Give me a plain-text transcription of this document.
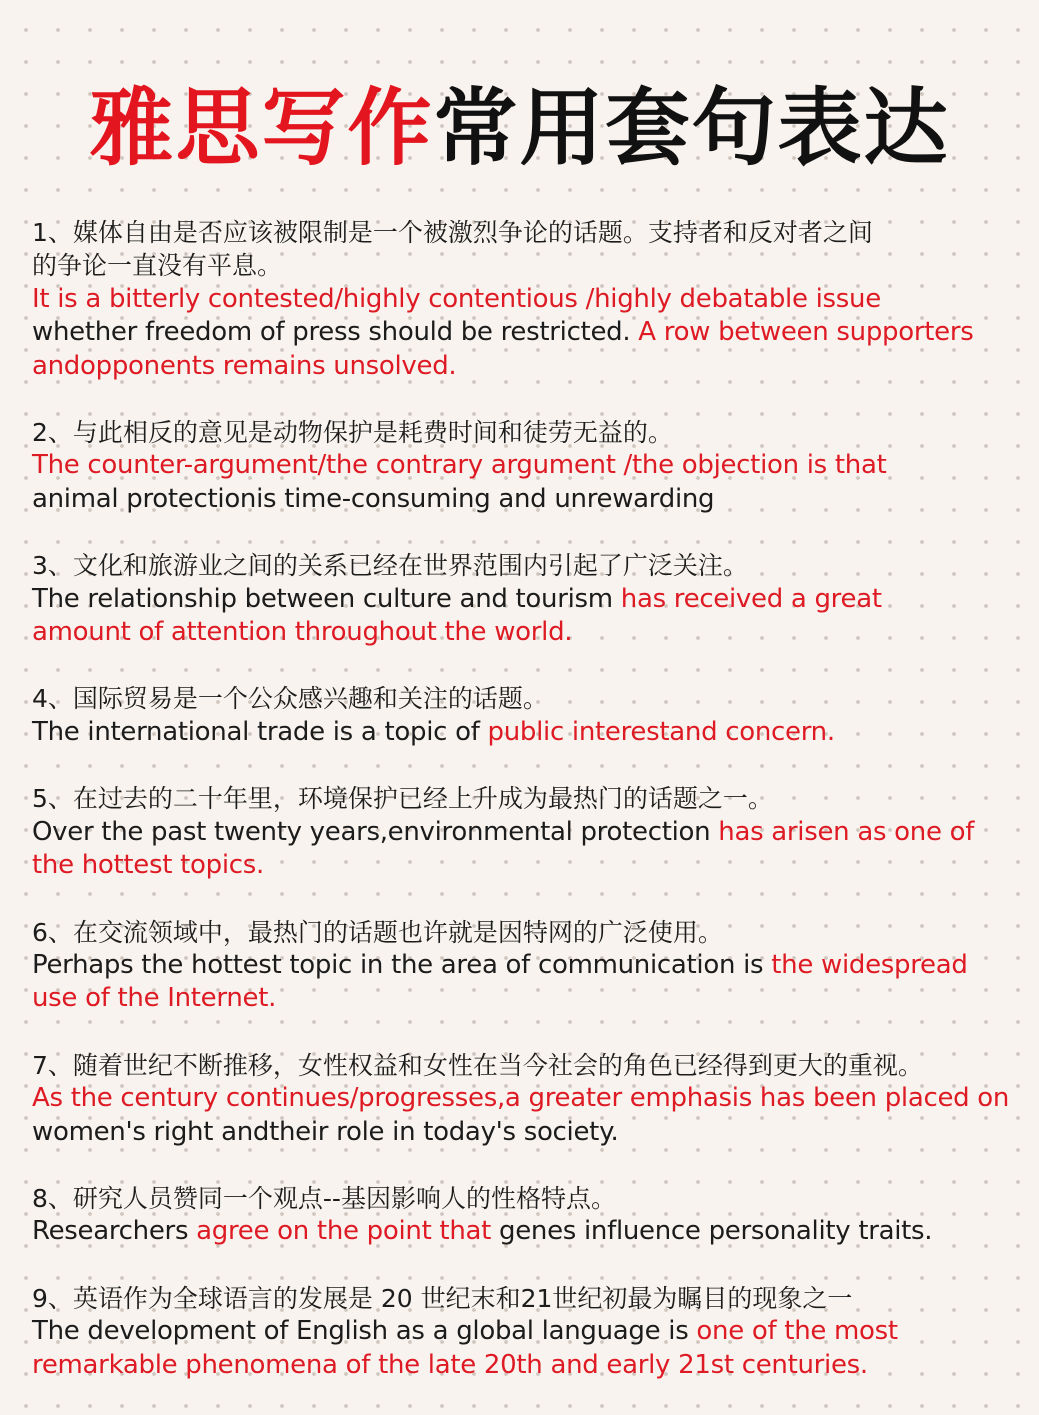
雅思写作常用套句表达
1、媒体自由是否应该被限制是一个被激烈争论的话题。支持者和反对者之间
的争论一直没有平息。
It is a bitterly contested/highly contentious /highly debatable issue
whether freedom of press should be restricted. A row between supporters
andopponents remains unsolved.
2、与此相反的意见是动物保护是耗费时间和徒劳无益的。
The counter-argument/the contrary argument /the objection is that
animal protectionis time-consuming and unrewarding
3、文化和旅游业之间的关系已经在世界范围内引起了广泛关注。
The relationship between culture and tourism has received a great
amount of attention throughout the world.
4、国际贸易是一个公众感兴趣和关注的话题。
The international trade is a topic of public interestand concern.
5、在过去的二十年里，环境保护已经上升成为最热门的话题之一。
Over the past twenty years,environmental protection has arisen as one of
the hottest topics.
6、在交流领域中，最热门的话题也许就是因特网的广泛使用。
Perhaps the hottest topic in the area of communication is the widespread
use of the Internet.
7、随着世纪不断推移，女性权益和女性在当今社会的角色已经得到更大的重视。
As the century continues/progresses,a greater emphasis has been placed on
women's right andtheir role in today's society.
8、研究人员赞同一个观点--基因影响人的性格特点。
Researchers agree on the point that genes influence personality traits.
9、英语作为全球语言的发展是 20 世纪末和21世纪初最为瞩目的现象之一
The development of English as a global language is one of the most
remarkable phenomena of the late 20th and early 21st centuries.
